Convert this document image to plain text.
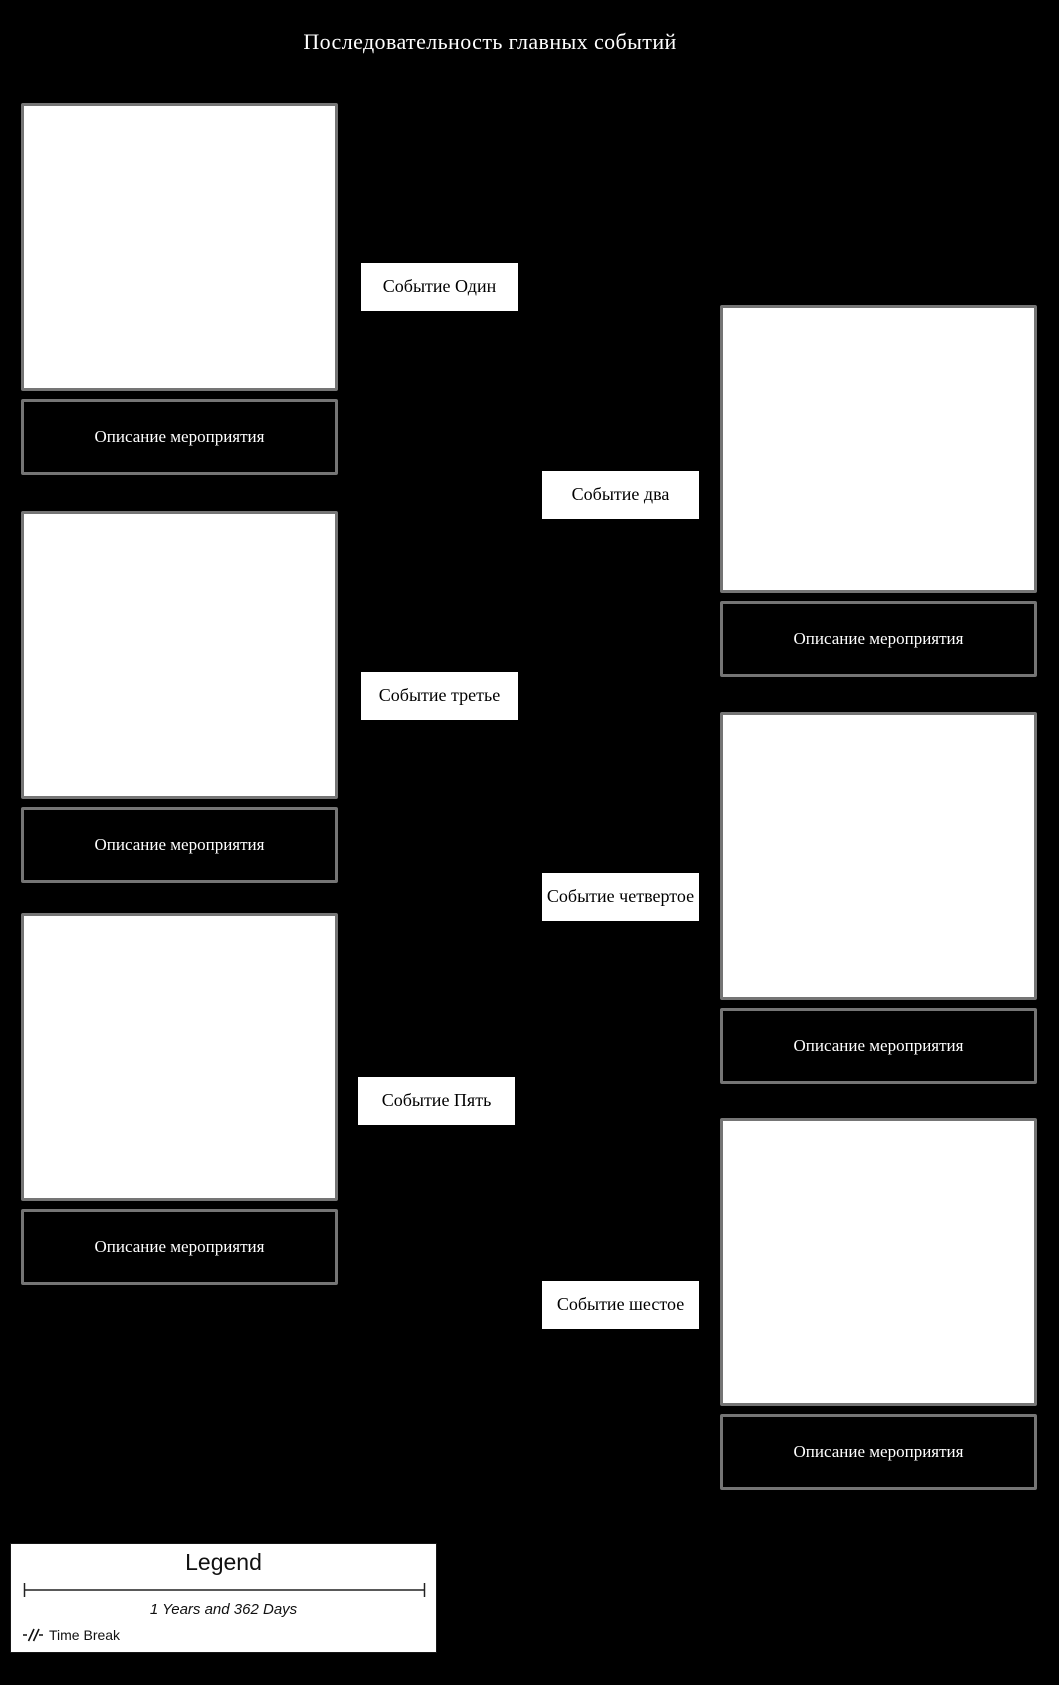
Последовательность главных событий
Описание мероприятия
Событие Один
Описание мероприятия
Событие два
Описание мероприятия
Событие третье
Описание мероприятия
Событие четвертое
Описание мероприятия
Событие Пять
Описание мероприятия
Событие шестое
Legend
1 Years and 362 Days
Time Break
